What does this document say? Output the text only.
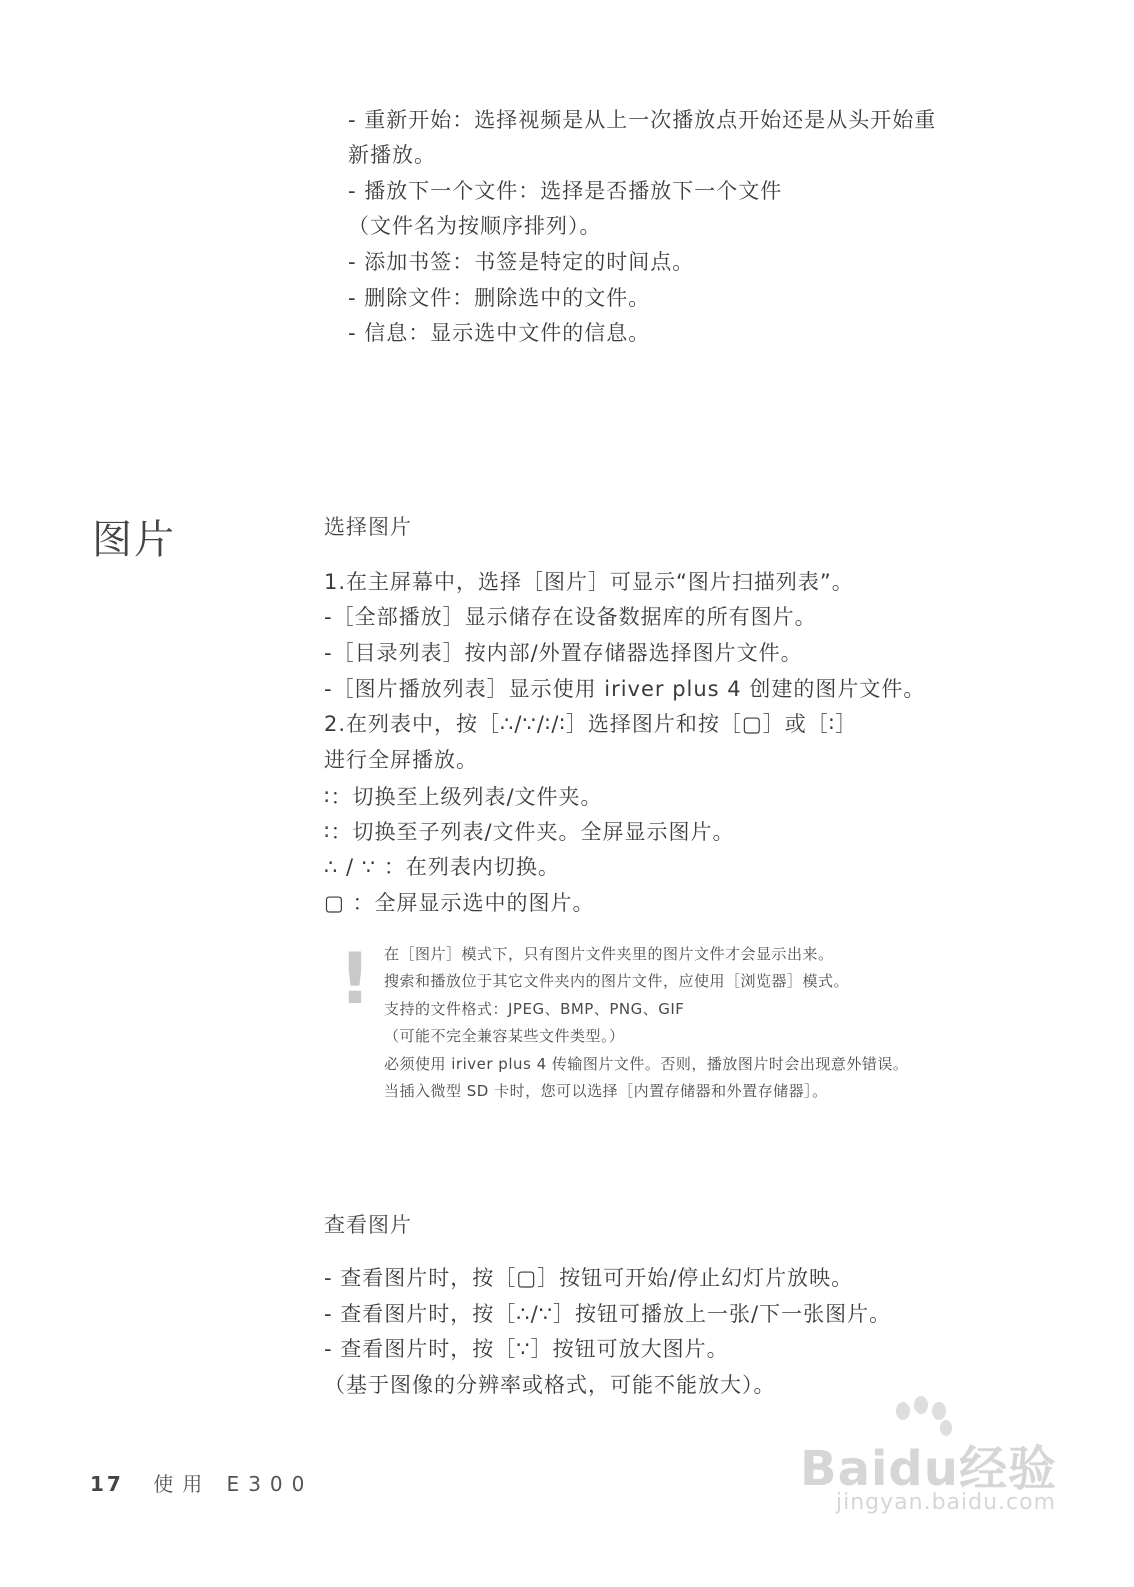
- 重新开始：选择视频是从上一次播放点开始还是从头开始重
新播放。
- 播放下一个文件：选择是否播放下一个文件
（文件名为按顺序排列）。
- 添加书签：书签是特定的时间点。
- 删除文件：删除选中的文件。
- 信息：显示选中文件的信息。
图片	选择图片
1.在主屏幕中，选择［图片］可显示“图片扫描列表”。
-［全部播放］显示储存在设备数据库的所有图片。
-［目录列表］按内部/外置存储器选择图片文件。
-［图片播放列表］显示使用 iriver plus 4 创建的图片文件。
2.在列表中，按［∴/∵/∶/∶］选择图片和按［▢］或［∶］
进行全屏播放。
∶：切换至上级列表/文件夹。
∶：切换至子列表/文件夹。全屏显示图片。
∴ / ∵ ：在列表内切换。
▢ ：全屏显示选中的图片。
! 在［图片］模式下，只有图片文件夹里的图片文件才会显示出来。
搜索和播放位于其它文件夹内的图片文件，应使用［浏览器］模式。
支持的文件格式：JPEG、BMP、PNG、GIF
（可能不完全兼容某些文件类型。）
必须使用 iriver plus 4 传输图片文件。否则，播放图片时会出现意外错误。
当插入微型 SD 卡时，您可以选择［内置存储器和外置存储器］。
查看图片
- 查看图片时，按［▢］按钮可开始/停止幻灯片放映。
- 查看图片时，按［∴/∵］按钮可播放上一张/下一张图片。
- 查看图片时，按［∵］按钮可放大图片。
（基于图像的分辨率或格式，可能不能放大）。
17 使用 E300	Baidu经验
jingyan.baidu.com
